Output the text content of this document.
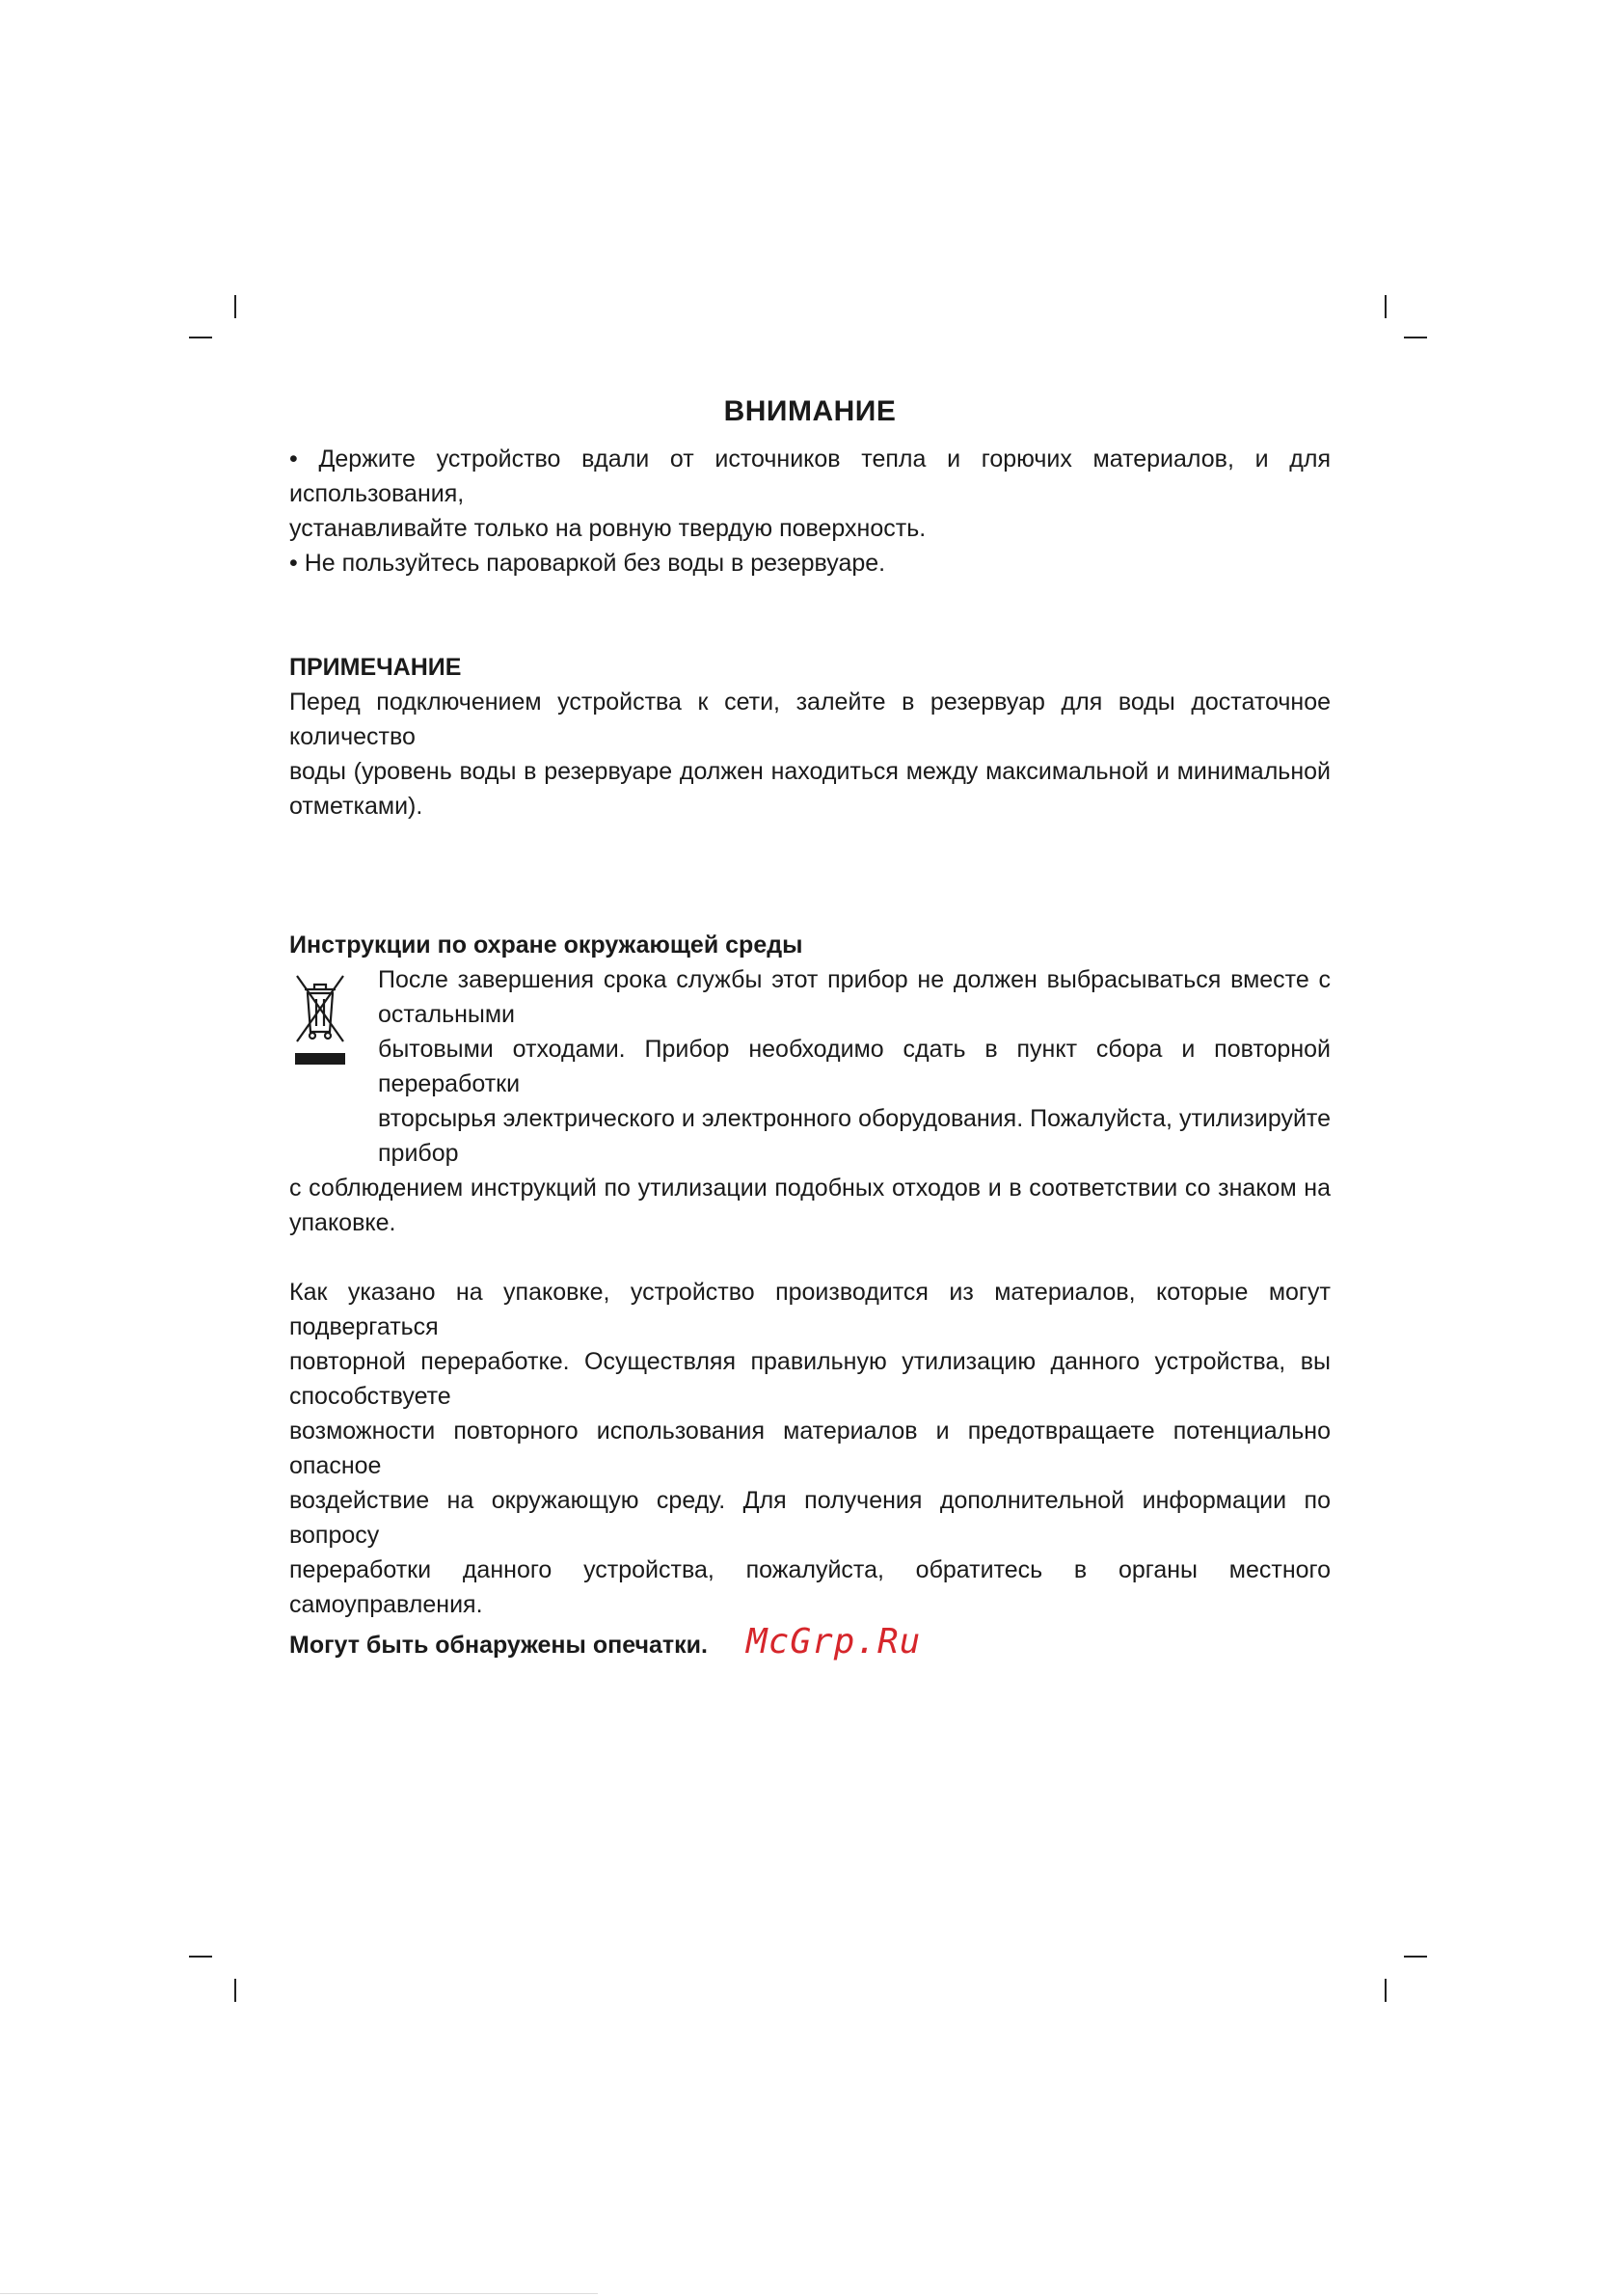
ВНИМАНИЕ

• Держите устройство вдали от источников тепла и горючих материалов, и для использования,

устанавливайте только на ровную твердую поверхность.

• Не пользуйтесь пароваркой без воды в резервуаре.

ПРИМЕЧАНИЕ

Перед подключением устройства к сети, залейте в резервуар для воды достаточное количество

воды (уровень воды в резервуаре должен находиться между максимальной и минимальной отметками).

Инструкции по охране окружающей среды

После завершения срока службы этот прибор не должен выбрасываться вместе с остальными

бытовыми отходами. Прибор необходимо сдать в пункт сбора и повторной переработки

вторсырья электрического и электронного оборудования. Пожалуйста, утилизируйте прибор

с соблюдением инструкций по утилизации подобных отходов и в соответствии со знаком на упаковке.

Как указано на упаковке, устройство производится из материалов, которые могут подвергаться

повторной переработке. Осуществляя правильную утилизацию данного устройства, вы способствуете

возможности повторного использования материалов и предотвращаете потенциально опасное

воздействие на окружающую среду. Для получения дополнительной информации по вопросу

переработки данного устройства, пожалуйста, обратитесь в органы местного самоуправления.

Могут быть обнаружены опечатки. McGrp.Ru
